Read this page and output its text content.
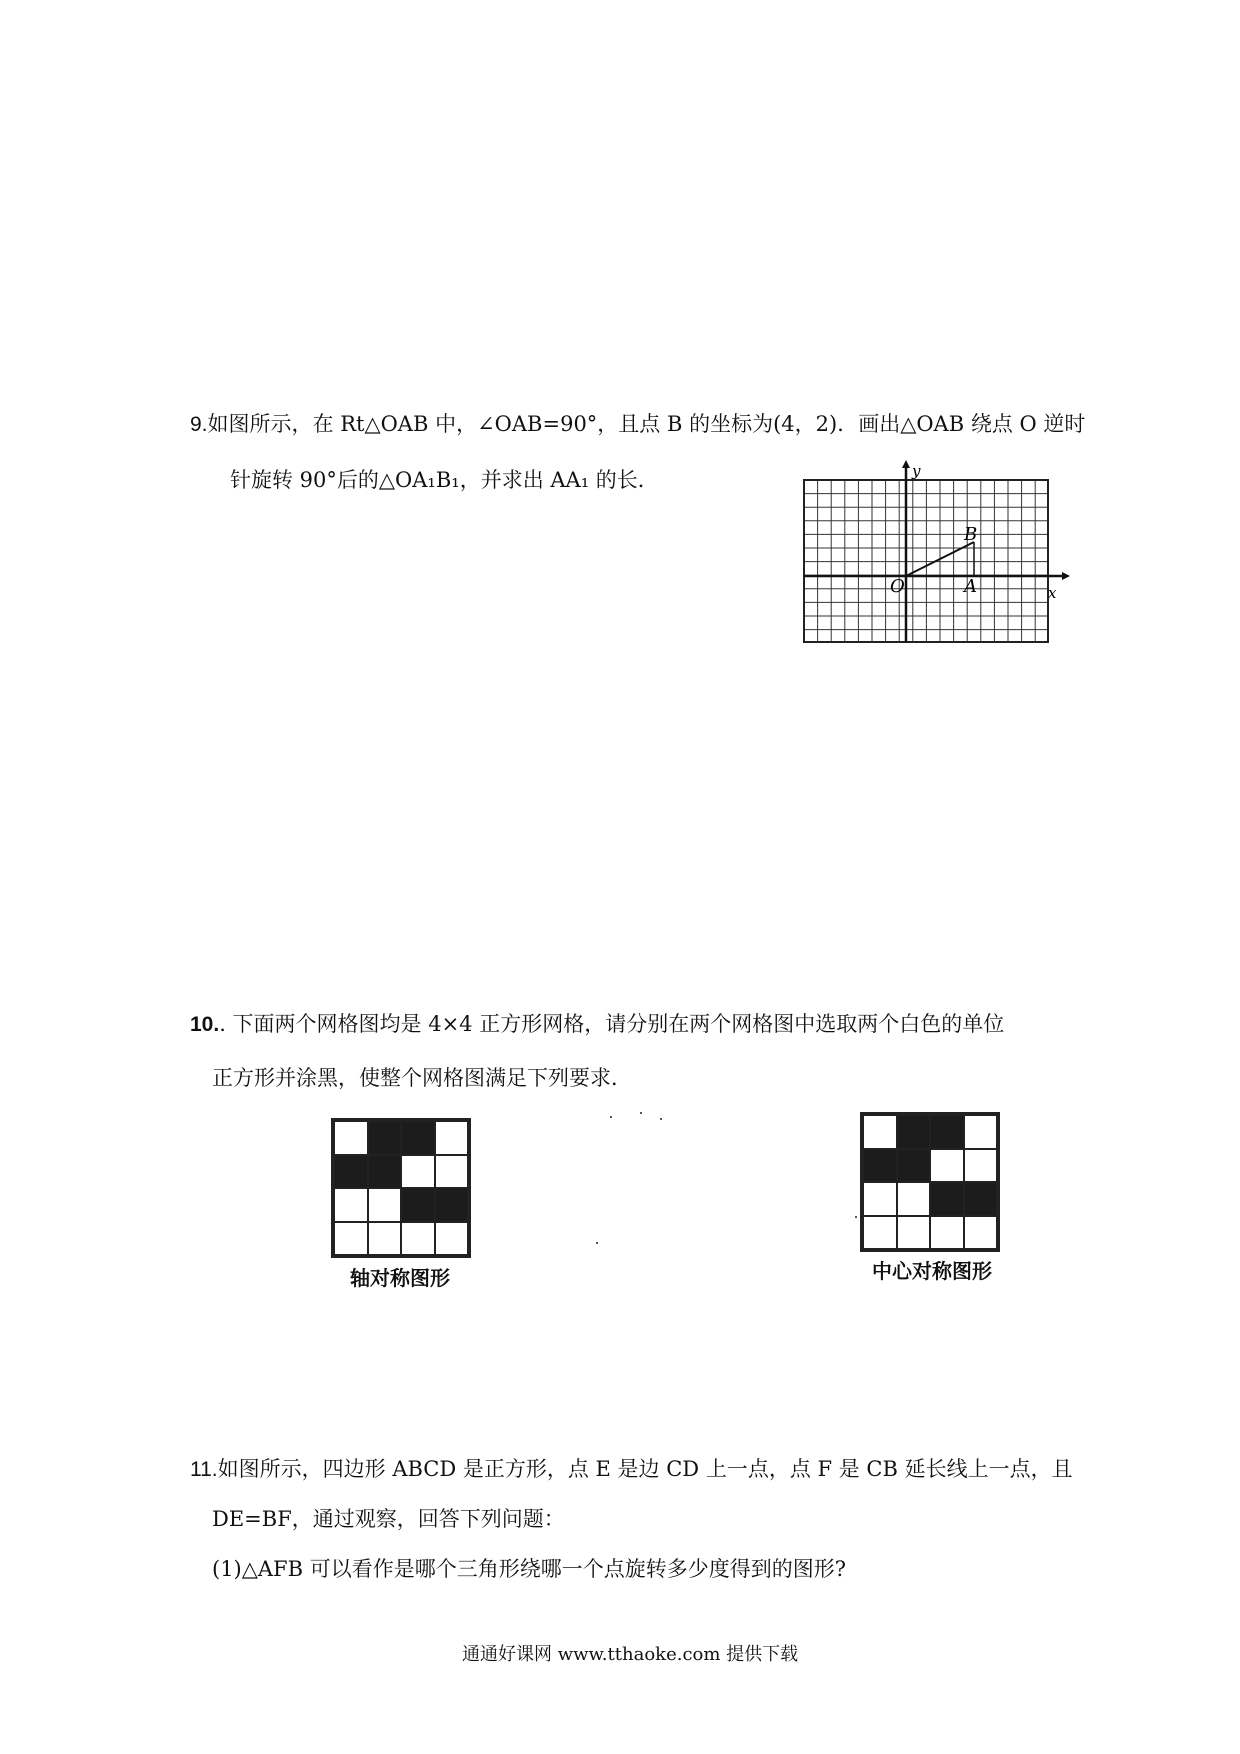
9.如图所示，在 Rt△OAB 中，∠OAB=90°，且点 B 的坐标为(4，2)．画出△OAB 绕点 O 逆时
针旋转 90°后的△OA₁B₁，并求出 AA₁ 的长．	y
x
O	A
B
10.. 下面两个网格图均是 4×4 正方形网格，请分别在两个网格图中选取两个白色的单位
正方形并涂黑，使整个网格图满足下列要求．
轴对称图形	中心对称图形
11.如图所示，四边形 ABCD 是正方形，点 E 是边 CD 上一点，点 F 是 CB 延长线上一点，且
DE=BF，通过观察，回答下列问题：
(1)△AFB 可以看作是哪个三角形绕哪一个点旋转多少度得到的图形?
通通好课网 www.tthaoke.com 提供下载
